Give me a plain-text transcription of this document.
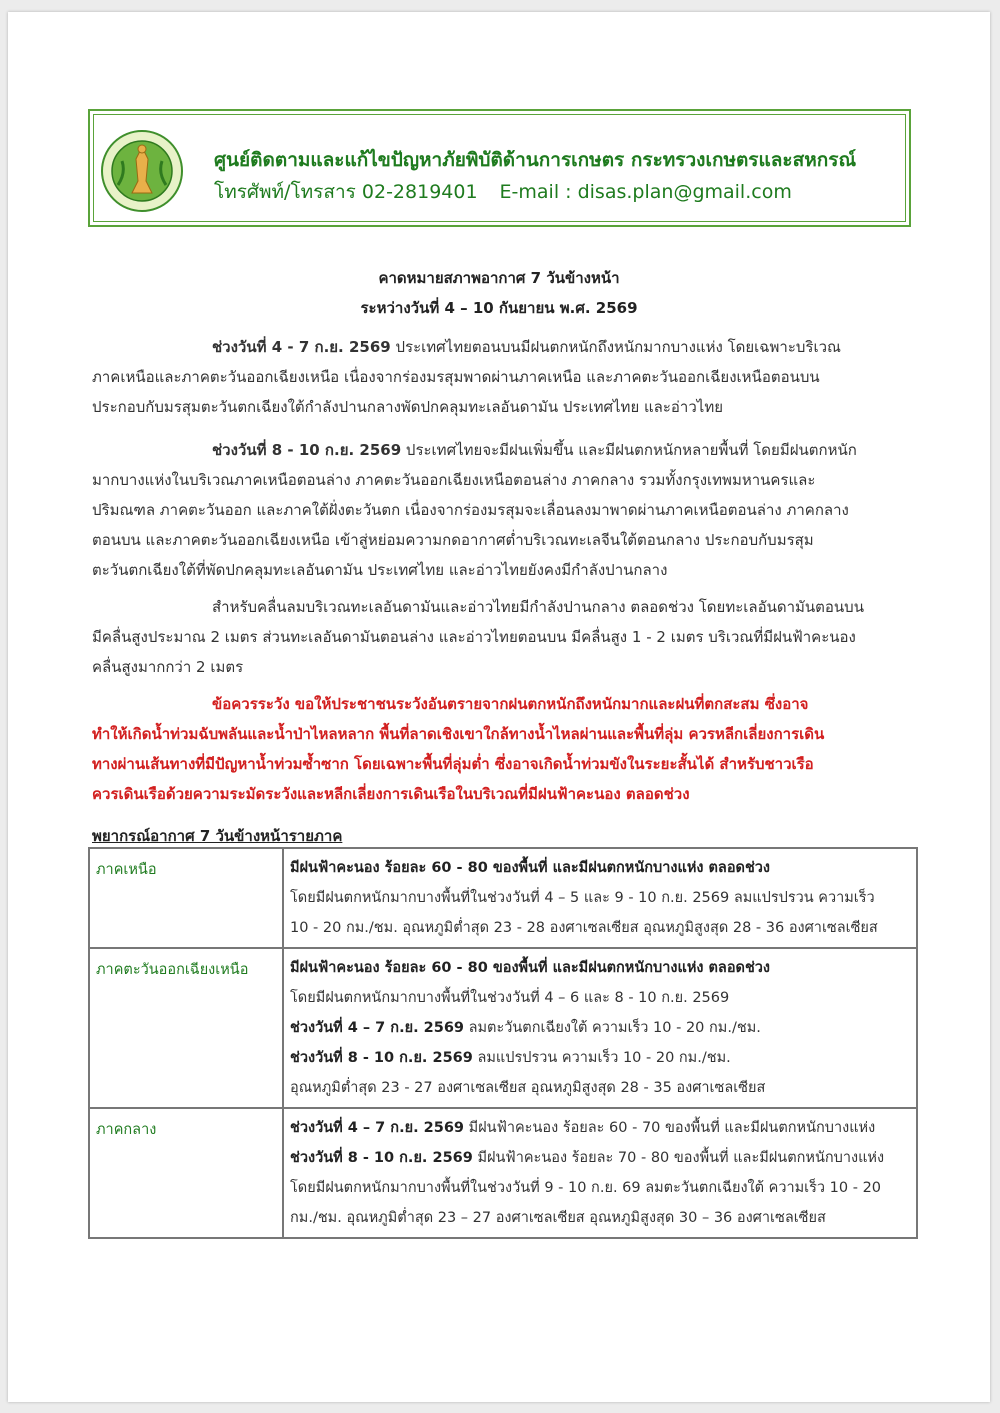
ศูนย์ติดตามและแก้ไขปัญหาภัยพิบัติด้านการเกษตร กระทรวงเกษตรและสหกรณ์
โทรศัพท์/โทรสาร 02-2819401 E-mail : disas.plan@gmail.com
คาดหมายสภาพอากาศ 7 วันข้างหน้า
ระหว่างวันที่ 4 – 10 กันยายน พ.ศ. 2569
ช่วงวันที่ 4 - 7 ก.ย. 2569 ประเทศไทยตอนบนมีฝนตกหนักถึงหนักมากบางแห่ง โดยเฉพาะบริเวณ
ภาคเหนือและภาคตะวันออกเฉียงเหนือ เนื่องจากร่องมรสุมพาดผ่านภาคเหนือ และภาคตะวันออกเฉียงเหนือตอนบน
ประกอบกับมรสุมตะวันตกเฉียงใต้กำลังปานกลางพัดปกคลุมทะเลอันดามัน ประเทศไทย และอ่าวไทย
ช่วงวันที่ 8 - 10 ก.ย. 2569 ประเทศไทยจะมีฝนเพิ่มขึ้น และมีฝนตกหนักหลายพื้นที่ โดยมีฝนตกหนัก
มากบางแห่งในบริเวณภาคเหนือตอนล่าง ภาคตะวันออกเฉียงเหนือตอนล่าง ภาคกลาง รวมทั้งกรุงเทพมหานครและ
ปริมณฑล ภาคตะวันออก และภาคใต้ฝั่งตะวันตก เนื่องจากร่องมรสุมจะเลื่อนลงมาพาดผ่านภาคเหนือตอนล่าง ภาคกลาง
ตอนบน และภาคตะวันออกเฉียงเหนือ เข้าสู่หย่อมความกดอากาศต่ำบริเวณทะเลจีนใต้ตอนกลาง ประกอบกับมรสุม
ตะวันตกเฉียงใต้ที่พัดปกคลุมทะเลอันดามัน ประเทศไทย และอ่าวไทยยังคงมีกำลังปานกลาง
สำหรับคลื่นลมบริเวณทะเลอันดามันและอ่าวไทยมีกำลังปานกลาง ตลอดช่วง โดยทะเลอันดามันตอนบน
มีคลื่นสูงประมาณ 2 เมตร ส่วนทะเลอันดามันตอนล่าง และอ่าวไทยตอนบน มีคลื่นสูง 1 - 2 เมตร บริเวณที่มีฝนฟ้าคะนอง
คลื่นสูงมากกว่า 2 เมตร
ข้อควรระวัง ขอให้ประชาชนระวังอันตรายจากฝนตกหนักถึงหนักมากและฝนที่ตกสะสม ซึ่งอาจ
ทำให้เกิดน้ำท่วมฉับพลันและน้ำป่าไหลหลาก พื้นที่ลาดเชิงเขาใกล้ทางน้ำไหลผ่านและพื้นที่ลุ่ม ควรหลีกเลี่ยงการเดิน
ทางผ่านเส้นทางที่มีปัญหาน้ำท่วมซ้ำซาก โดยเฉพาะพื้นที่ลุ่มต่ำ ซึ่งอาจเกิดน้ำท่วมขังในระยะสั้นได้ สำหรับชาวเรือ
ควรเดินเรือด้วยความระมัดระวังและหลีกเลี่ยงการเดินเรือในบริเวณที่มีฝนฟ้าคะนอง ตลอดช่วง
พยากรณ์อากาศ 7 วันข้างหน้ารายภาค
ภาคเหนือ	มีฝนฟ้าคะนอง ร้อยละ 60 - 80 ของพื้นที่ และมีฝนตกหนักบางแห่ง ตลอดช่วง
โดยมีฝนตกหนักมากบางพื้นที่ในช่วงวันที่ 4 – 5 และ 9 - 10 ก.ย. 2569 ลมแปรปรวน ความเร็ว
10 - 20 กม./ชม. อุณหภูมิต่ำสุด 23 - 28 องศาเซลเซียส อุณหภูมิสูงสุด 28 - 36 องศาเซลเซียส

ภาคตะวันออกเฉียงเหนือ	มีฝนฟ้าคะนอง ร้อยละ 60 - 80 ของพื้นที่ และมีฝนตกหนักบางแห่ง ตลอดช่วง
โดยมีฝนตกหนักมากบางพื้นที่ในช่วงวันที่ 4 – 6 และ 8 - 10 ก.ย. 2569
ช่วงวันที่ 4 – 7 ก.ย. 2569 ลมตะวันตกเฉียงใต้ ความเร็ว 10 - 20 กม./ชม.
ช่วงวันที่ 8 - 10 ก.ย. 2569 ลมแปรปรวน ความเร็ว 10 - 20 กม./ชม.
อุณหภูมิต่ำสุด 23 - 27 องศาเซลเซียส อุณหภูมิสูงสุด 28 - 35 องศาเซลเซียส

ภาคกลาง	ช่วงวันที่ 4 – 7 ก.ย. 2569 มีฝนฟ้าคะนอง ร้อยละ 60 - 70 ของพื้นที่ และมีฝนตกหนักบางแห่ง
ช่วงวันที่ 8 - 10 ก.ย. 2569 มีฝนฟ้าคะนอง ร้อยละ 70 - 80 ของพื้นที่ และมีฝนตกหนักบางแห่ง
โดยมีฝนตกหนักมากบางพื้นที่ในช่วงวันที่ 9 - 10 ก.ย. 69 ลมตะวันตกเฉียงใต้ ความเร็ว 10 - 20
กม./ชม. อุณหภูมิต่ำสุด 23 – 27 องศาเซลเซียส อุณหภูมิสูงสุด 30 – 36 องศาเซลเซียส
